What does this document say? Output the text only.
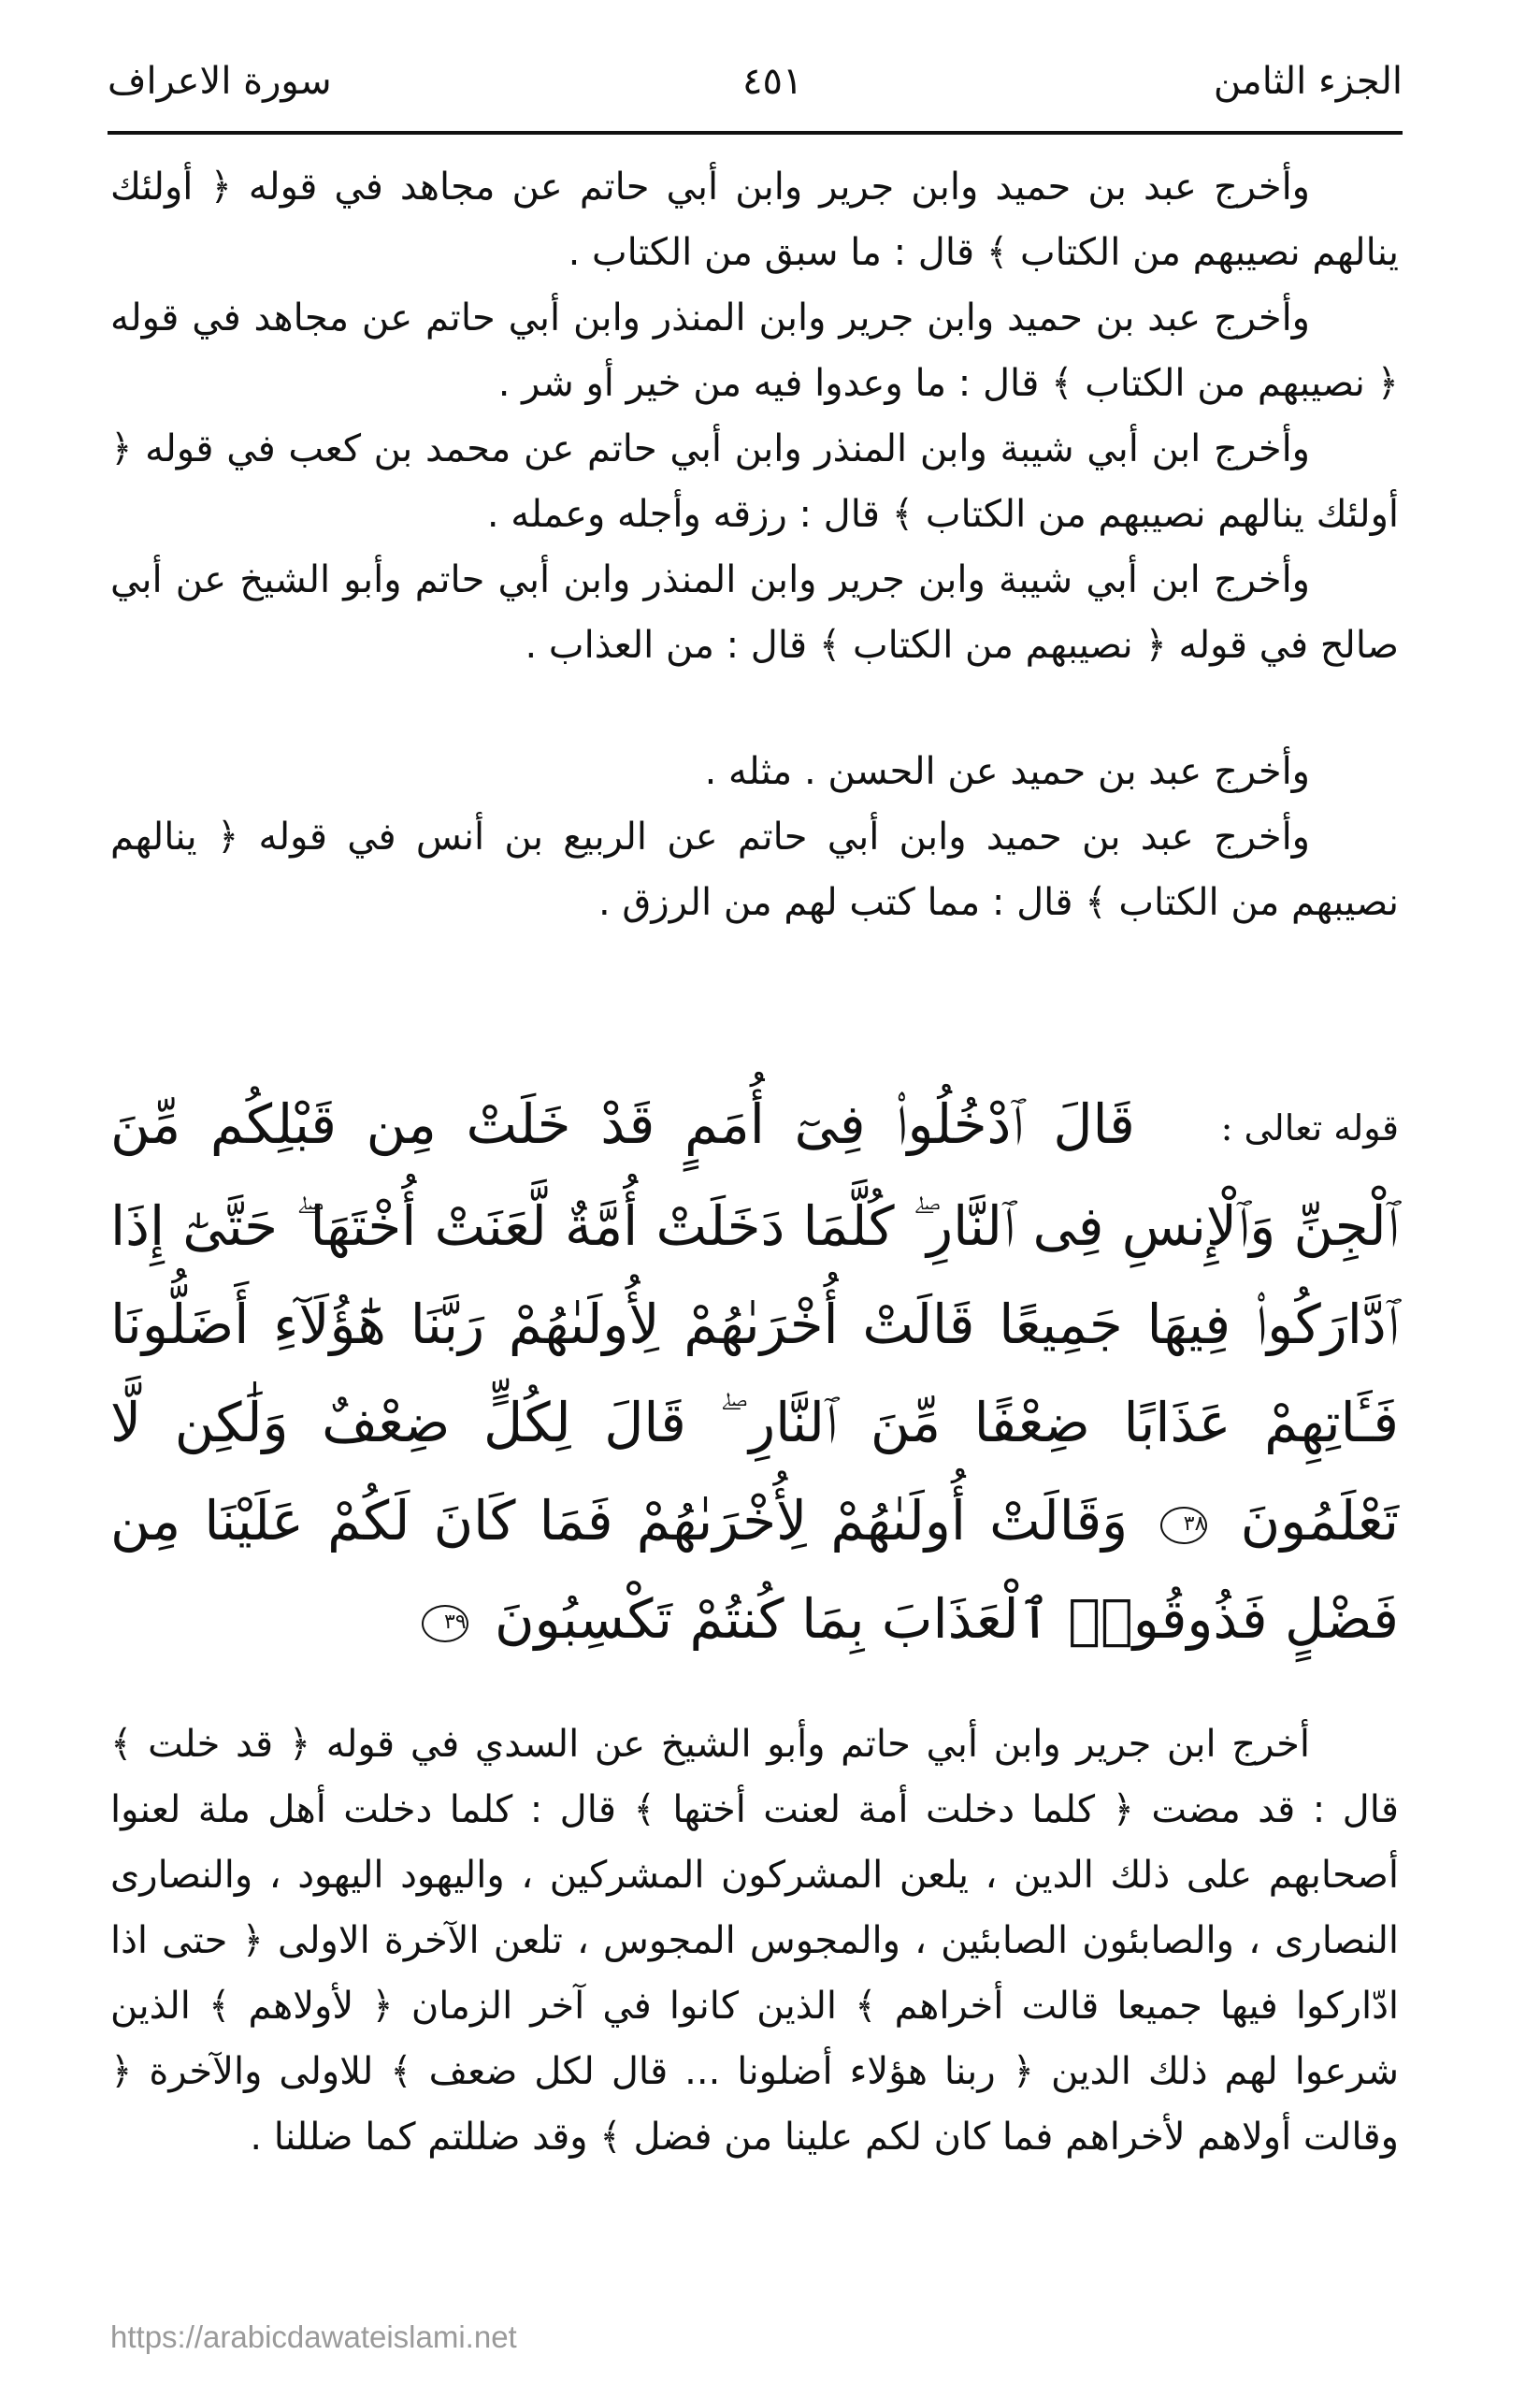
الجزء الثامن
٤٥١
سورة الاعراف
وأخرج عبد بن حميد وابن جرير وابن أبي حاتم عن مجاهد في قوله ﴿ أولئك ينالهم نصيبهم من الكتاب ﴾ قال : ما سبق من الكتاب .
وأخرج عبد بن حميد وابن جرير وابن المنذر وابن أبي حاتم عن مجاهد في قوله ﴿ نصيبهم من الكتاب ﴾ قال : ما وعدوا فيه من خير أو شر .
وأخرج ابن أبي شيبة وابن المنذر وابن أبي حاتم عن محمد بن كعب في قوله ﴿ أولئك ينالهم نصيبهم من الكتاب ﴾ قال : رزقه وأجله وعمله .
وأخرج ابن أبي شيبة وابن جرير وابن المنذر وابن أبي حاتم وأبو الشيخ عن أبي صالح في قوله ﴿ نصيبهم من الكتاب ﴾ قال : من العذاب .
وأخرج عبد بن حميد عن الحسن . مثله .
وأخرج عبد بن حميد وابن أبي حاتم عن الربيع بن أنس في قوله ﴿ ينالهم نصيبهم من الكتاب ﴾ قال : مما كتب لهم من الرزق .
قوله تعالى : قَالَ ٱدْخُلُوا۟ فِىٓ أُمَمٍ قَدْ خَلَتْ مِن قَبْلِكُم مِّنَ ٱلْجِنِّ وَٱلْإِنسِ فِى ٱلنَّارِ ۖ كُلَّمَا دَخَلَتْ أُمَّةٌ لَّعَنَتْ أُخْتَهَا ۖ حَتَّىٰٓ إِذَا ٱدَّارَكُوا۟ فِيهَا جَمِيعًا قَالَتْ أُخْرَىٰهُمْ لِأُولَىٰهُمْ رَبَّنَا هَٰٓؤُلَآءِ أَضَلُّونَا فَـَٔاتِهِمْ عَذَابًا ضِعْفًا مِّنَ ٱلنَّارِ ۖ قَالَ لِكُلٍّ ضِعْفٌ وَلَٰكِن لَّا تَعْلَمُونَ ٣٨ وَقَالَتْ أُولَىٰهُمْ لِأُخْرَىٰهُمْ فَمَا كَانَ لَكُمْ عَلَيْنَا مِن فَضْلٍ فَذُوقُوا۟ ٱلْعَذَابَ بِمَا كُنتُمْ تَكْسِبُونَ ٣٩
أخرج ابن جرير وابن أبي حاتم وأبو الشيخ عن السدي في قوله ﴿ قد خلت ﴾ قال : قد مضت ﴿ كلما دخلت أمة لعنت أختها ﴾ قال : كلما دخلت أهل ملة لعنوا أصحابهم على ذلك الدين ، يلعن المشركون المشركين ، واليهود اليهود ، والنصارى النصارى ، والصابئون الصابئين ، والمجوس المجوس ، تلعن الآخرة الاولى ﴿ حتى اذا ادّاركوا فيها جميعا قالت أخراهم ﴾ الذين كانوا في آخر الزمان ﴿ لأولاهم ﴾ الذين شرعوا لهم ذلك الدين ﴿ ربنا هؤلاء أضلونا ... قال لكل ضعف ﴾ للاولى والآخرة ﴿ وقالت أولاهم لأخراهم فما كان لكم علينا من فضل ﴾ وقد ضللتم كما ضللنا .
https://arabicdawateislami.net
